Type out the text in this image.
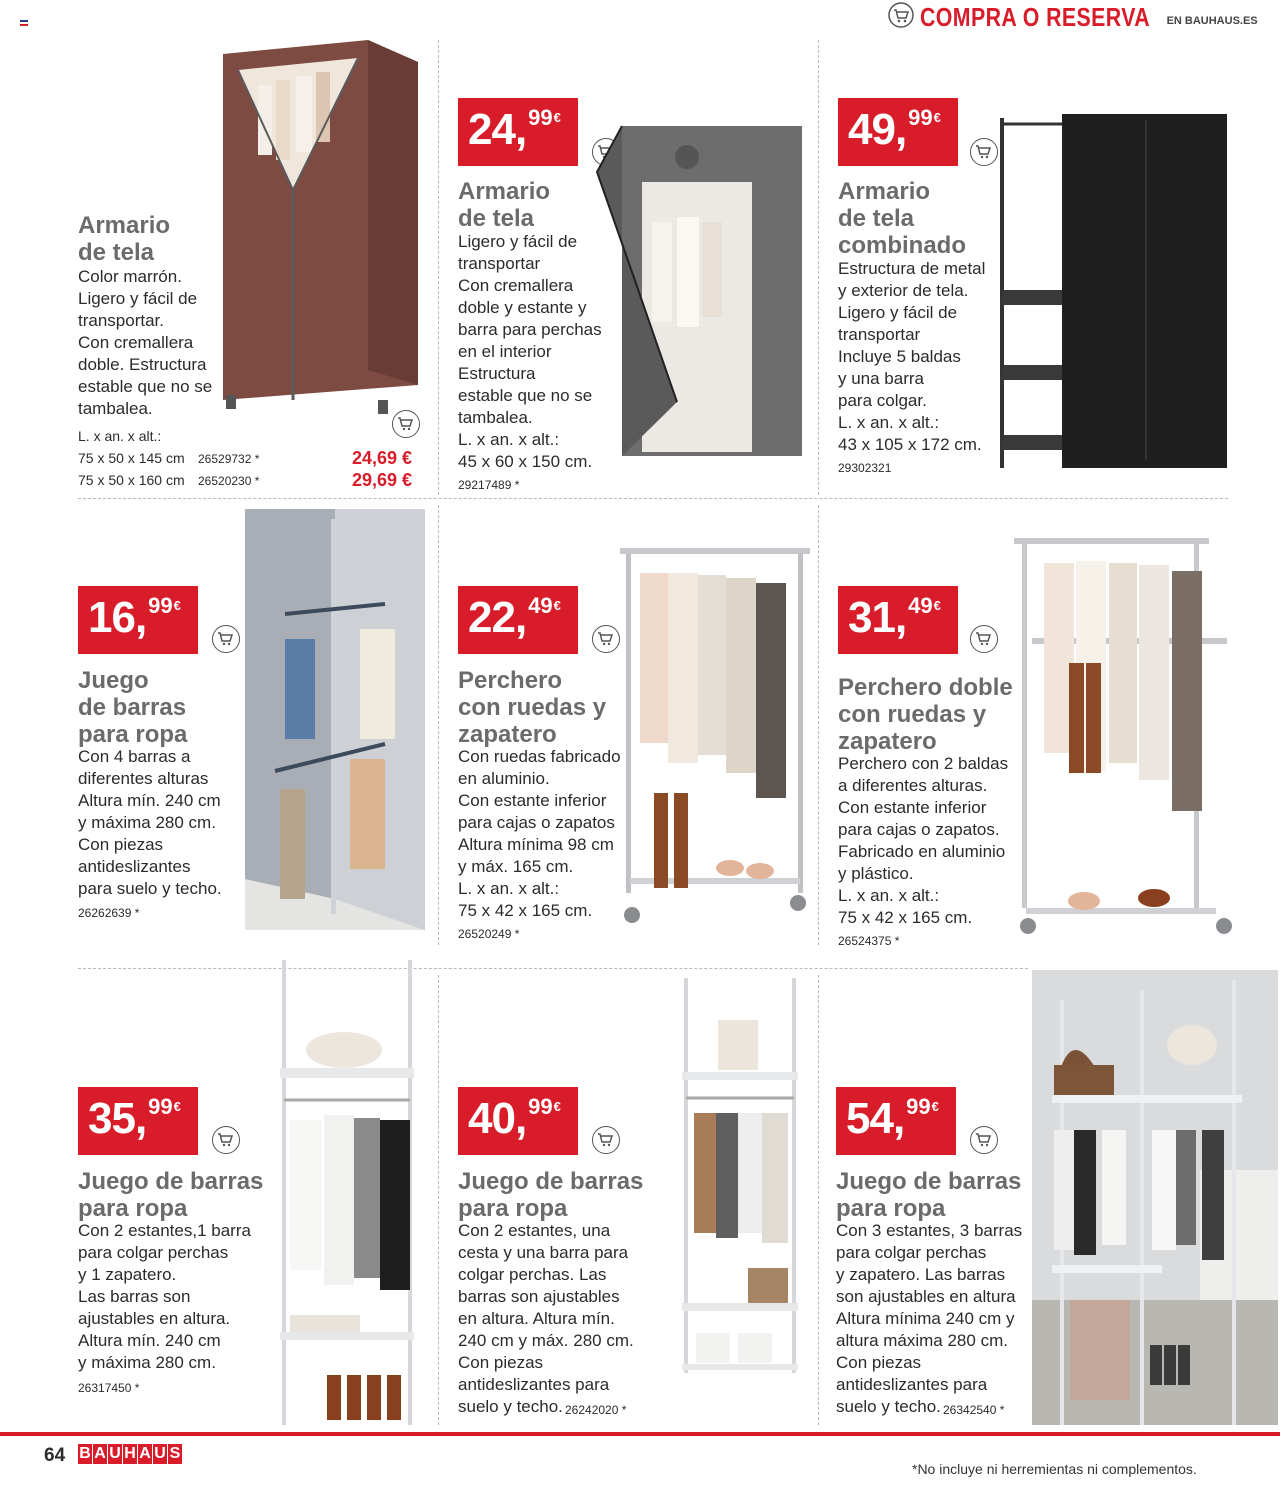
COMPRA O RESERVA EN BAUHAUS.ES
Armario
de tela
Color marrón.
Ligero y fácil de
transportar.
Con cremallera
doble. Estructura
estable que no se
tambalea.
L. x an. x alt.:
75 x 50 x 145 cm 26529732 *	24,69 €
75 x 50 x 160 cm 26520230 *	29,69 €
24, 99 €
Armario
de tela
Ligero y fácil de
transportar
Con cremallera
doble y estante y
barra para perchas
en el interior
Estructura
estable que no se
tambalea.
L. x an. x alt.:
45 x 60 x 150 cm.
29217489 *
49, 99 €
Armario
de tela
combinado
Estructura de metal
y exterior de tela.
Ligero y fácil de
transportar
Incluye 5 baldas
y una barra
para colgar.
L. x an. x alt.:
43 x 105 x 172 cm.
29302321
16, 99 €
Juego
de barras
para ropa
Con 4 barras a
diferentes alturas
Altura mín. 240 cm
y máxima 280 cm.
Con piezas
antideslizantes
para suelo y techo.
26262639 *
22, 49 €
Perchero
con ruedas y
zapatero
Con ruedas fabricado
en aluminio.
Con estante inferior
para cajas o zapatos
Altura mínima 98 cm
y máx. 165 cm.
L. x an. x alt.:
75 x 42 x 165 cm.
26520249 *
31, 49 €
Perchero doble
con ruedas y
zapatero
Perchero con 2 baldas
a diferentes alturas.
Con estante inferior
para cajas o zapatos.
Fabricado en aluminio
y plástico.
L. x an. x alt.:
75 x 42 x 165 cm.
26524375 *
35, 99 €
Juego de barras
para ropa
Con 2 estantes,1 barra
para colgar perchas
y 1 zapatero.
Las barras son
ajustables en altura.
Altura mín. 240 cm
y máxima 280 cm.
26317450 *
40, 99 €
Juego de barras
para ropa
Con 2 estantes, una
cesta y una barra para
colgar perchas. Las
barras son ajustables
en altura. Altura mín.
240 cm y máx. 280 cm.
Con piezas
antideslizantes para
suelo y techo. 26242020 *
54, 99 €
Juego de barras
para ropa
Con 3 estantes, 3 barras
para colgar perchas
y zapatero. Las barras
son ajustables en altura
Altura mínima 240 cm y
altura máxima 280 cm.
Con piezas
antideslizantes para
suelo y techo. 26342540 *
64 B A U H A U S
*No incluye ni herremientas ni complementos.
